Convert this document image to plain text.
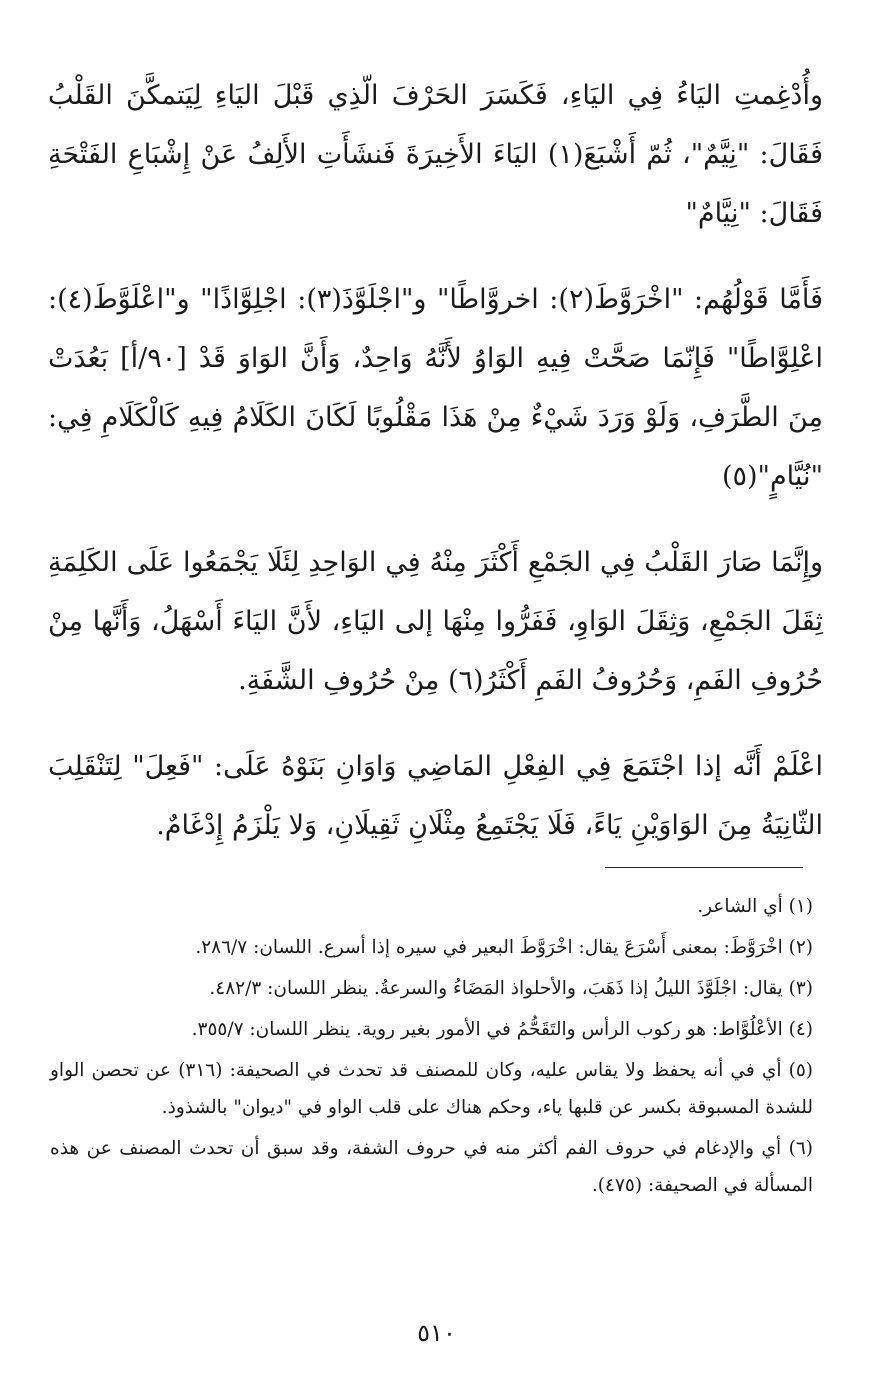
وأُدْغِمتِ اليَاءُ فِي اليَاءِ، فَكَسَرَ الحَرْفَ الّذِي قَبْلَ اليَاءِ لِيَتمكَّنَ القَلْبُ فَقَالَ: "نِيَّمٌ"، ثُمّ أَشْبَعَ(١) اليَاءَ الأَخِيرَةَ فَنشَأَتِ الأَلِفُ عَنْ إِشْبَاعِ الفَتْحَةِ فَقَالَ: "نِيَّامٌ"

فَأَمَّا قَوْلُهُم: "اخْرَوَّطَ(٢): اخروَّاطًا" و"اجْلَوَّذَ(٣): اجْلِوَّاذًا" و"اعْلَوَّطَ(٤): اعْلِوَّاطًا" فَإِنّمَا صَحَّتْ فِيهِ الوَاوُ لأَنَّهُ وَاحِدٌ، وَأَنَّ الوَاوَ قَدْ [٩٠/أ] بَعُدَتْ مِنَ الطَّرَفِ، وَلَوْ وَرَدَ شَيْءٌ مِنْ هَذَا مَقْلُوبًا لَكَانَ الكَلَامُ فِيهِ كَالْكَلَامِ فِي: "نُيَّامٍ"(٥)

وإِنَّمَا صَارَ القَلْبُ فِي الجَمْعِ أَكْثَرَ مِنْهُ فِي الوَاحِدِ لِئَلَا يَجْمَعُوا عَلَى الكَلِمَةِ ثِقَلَ الجَمْعِ، وَثِقَلَ الوَاوِ، فَفَرُّوا مِنْهَا إلى اليَاءِ، لأَنَّ اليَاءَ أَسْهَلُ، وَأَنَّها مِنْ حُرُوفِ الفَمِ، وَحُرُوفُ الفَمِ أَكْثَرُ(٦) مِنْ حُرُوفِ الشَّفَةِ.

اعْلَمْ أَنَّه إذا اجْتَمَعَ فِي الفِعْلِ المَاضِي وَاوَانِ بَنَوْهُ عَلَى: "فَعِلَ" لِتَنْقَلِبَ الثّانِيَةُ مِنَ الوَاوَيْنِ يَاءً، فَلَا يَجْتَمِعُ مِثْلَانِ ثَقِيلَانِ، وَلا يَلْزَمُ إِدْغَامٌ.

(١) أي الشاعر.

(٢) اخْرَوَّطَ: بمعنى أَسْرَعَ يقال: اخْرَوَّطَ البعير في سيره إذا أسرع. اللسان: ٢٨٦/٧.

(٣) يقال: اجْلَوَّذَ الليلُ إذا ذَهَبَ، والأحلواذ المَضَاءُ والسرعةُ. ينظر اللسان: ٤٨٢/٣.

(٤) الأعْلُوَّاط: هو ركوب الرأس والتَقَحُّمُ في الأمور بغير روية. ينظر اللسان: ٣٥٥/٧.

(٥) أي في أنه يحفظ ولا يقاس عليه، وكان للمصنف قد تحدث في الصحيفة: (٣١٦) عن تحصن الواو للشدة المسبوقة بكسر عن قلبها ياء، وحكم هناك على قلب الواو في "ديوان" بالشذوذ.

(٦) أي والإدغام في حروف الفم أكثر منه في حروف الشفة، وقد سبق أن تحدث المصنف عن هذه المسألة في الصحيفة: (٤٧٥).

٥١٠
